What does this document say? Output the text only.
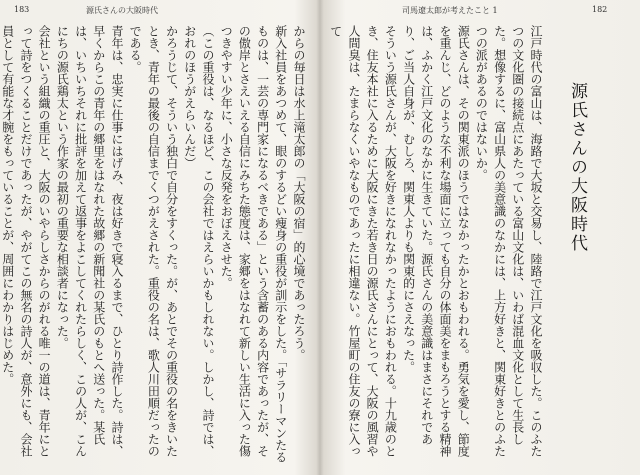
183	源氏さんの大阪時代	司馬遼太郎が考えたこと 1	182

からの毎日は水上滝太郎の「大阪の宿」的心境であったろう。

新入社員をあつめて、眼のするどい痩身の重役が訓示をした。「サラリーマンたるものは、一芸の専門家になるべきである」という含蓄のある内容であったが、その傲岸とさえいえる自信にみちた態度は、家郷をはなれて新しい生活に入った傷つきやすい少年に、小さな反発をおぼえさせた。

（この重役は、なるほど、この会社ではえらいかもしれない。しかし、詩では、おれのほうがえらいんだ）

かろうじて、そういう独白で自分をすくった。が、あとでその重役の名をきいたとき、青年の最後の自信までくつがえされた。重役の名は、歌人川田順だったのである。

青年は、忠実に仕事にはげみ、夜は好きで寝入るまで、ひとり詩作した。詩は、早くからこの青年の郷里をはなれた故郷の新聞社の某氏のもとへ送った。某氏は、いちいちそれに批評を加えて返事をよこしてくれたらしく、この人が、こんにちの源氏鶏太という作家の最初の重要な相談者になった。

会社という組織の重圧と、大阪のいやらしさからのがれる唯一の道は、青年にとって詩をつくることだけであったが、やがてこの無名の詩人が、意外にも、会社員として有能な才腕をもっていることが、周囲にわかりはじめた。	江戸時代の富山は、海路で大坂と交易し、陸路で江戸文化を吸収した。このふたつの文化圏の接続点にあたっている富山文化は、いわば混血文化として生長した。想像するに、富山県人の美意識のなかには、上方好きと、関東好きとのふたつの派があるのではないか。

源氏さんは、その関東派のほうではなかったかとおもわれる。勇気を愛し、節度を重んじ、どのような不利な場面に立っても自分の体面美をまもろうとする精神は、ふかく江戸文化のなかに生きていた。源氏さんの美意識はまさにそれであり、ご当人自身が、むしろ、関東人よりも関東的にさえなった。

そういう源氏さんが、大阪を好きになれなかったようにおもわれる。十九歳のとき、住友本社に入るために大阪にきた若き日の源氏さんにとって、大阪の風習や人間臭は、たまらなくいやなものであったに相違ない。竹屋町の住友の寮に入って

源氏さんの大阪時代
